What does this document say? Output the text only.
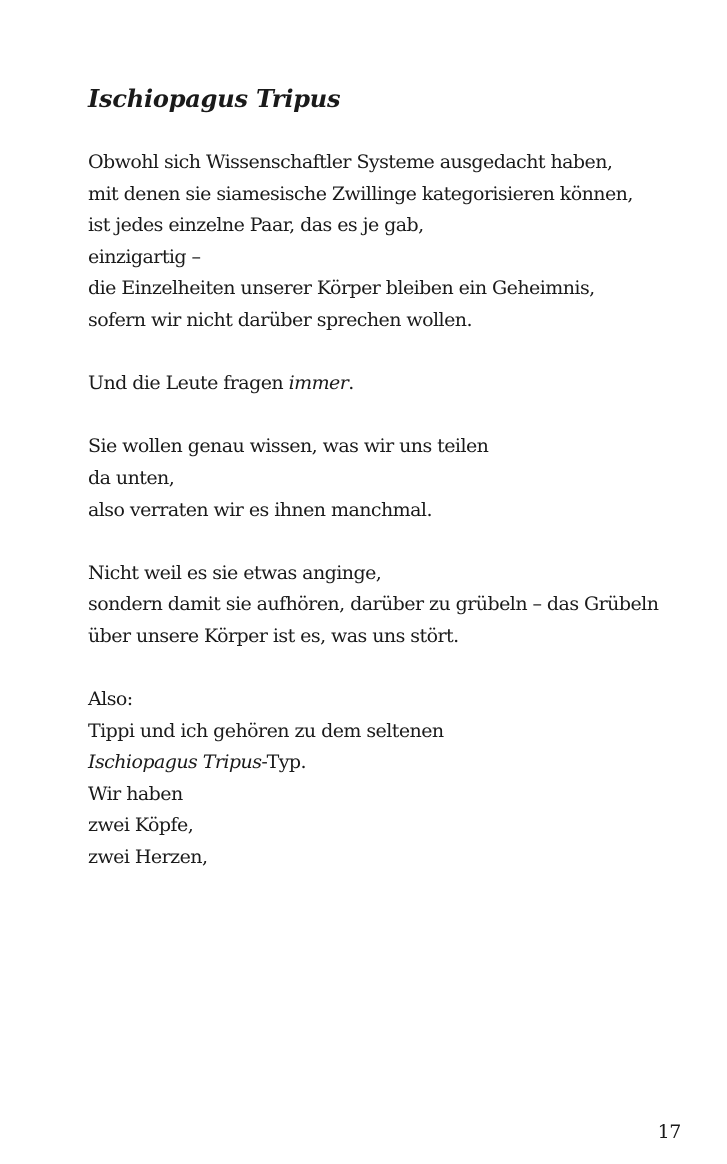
Ischiopagus Tripus
Obwohl sich Wissenschaftler Systeme ausgedacht haben,
mit denen sie siamesische Zwillinge kategorisieren können,
ist jedes einzelne Paar, das es je gab,
einzigartig –
die Einzelheiten unserer Körper bleiben ein Geheimnis,
sofern wir nicht darüber sprechen wollen.
Und die Leute fragen immer.
Sie wollen genau wissen, was wir uns teilen
da unten,
also verraten wir es ihnen manchmal.
Nicht weil es sie etwas anginge,
sondern damit sie aufhören, darüber zu grübeln – das Grübeln
über unsere Körper ist es, was uns stört.
Also:
Tippi und ich gehören zu dem seltenen
Ischiopagus Tripus-Typ.
Wir haben
zwei Köpfe,
zwei Herzen,
17
